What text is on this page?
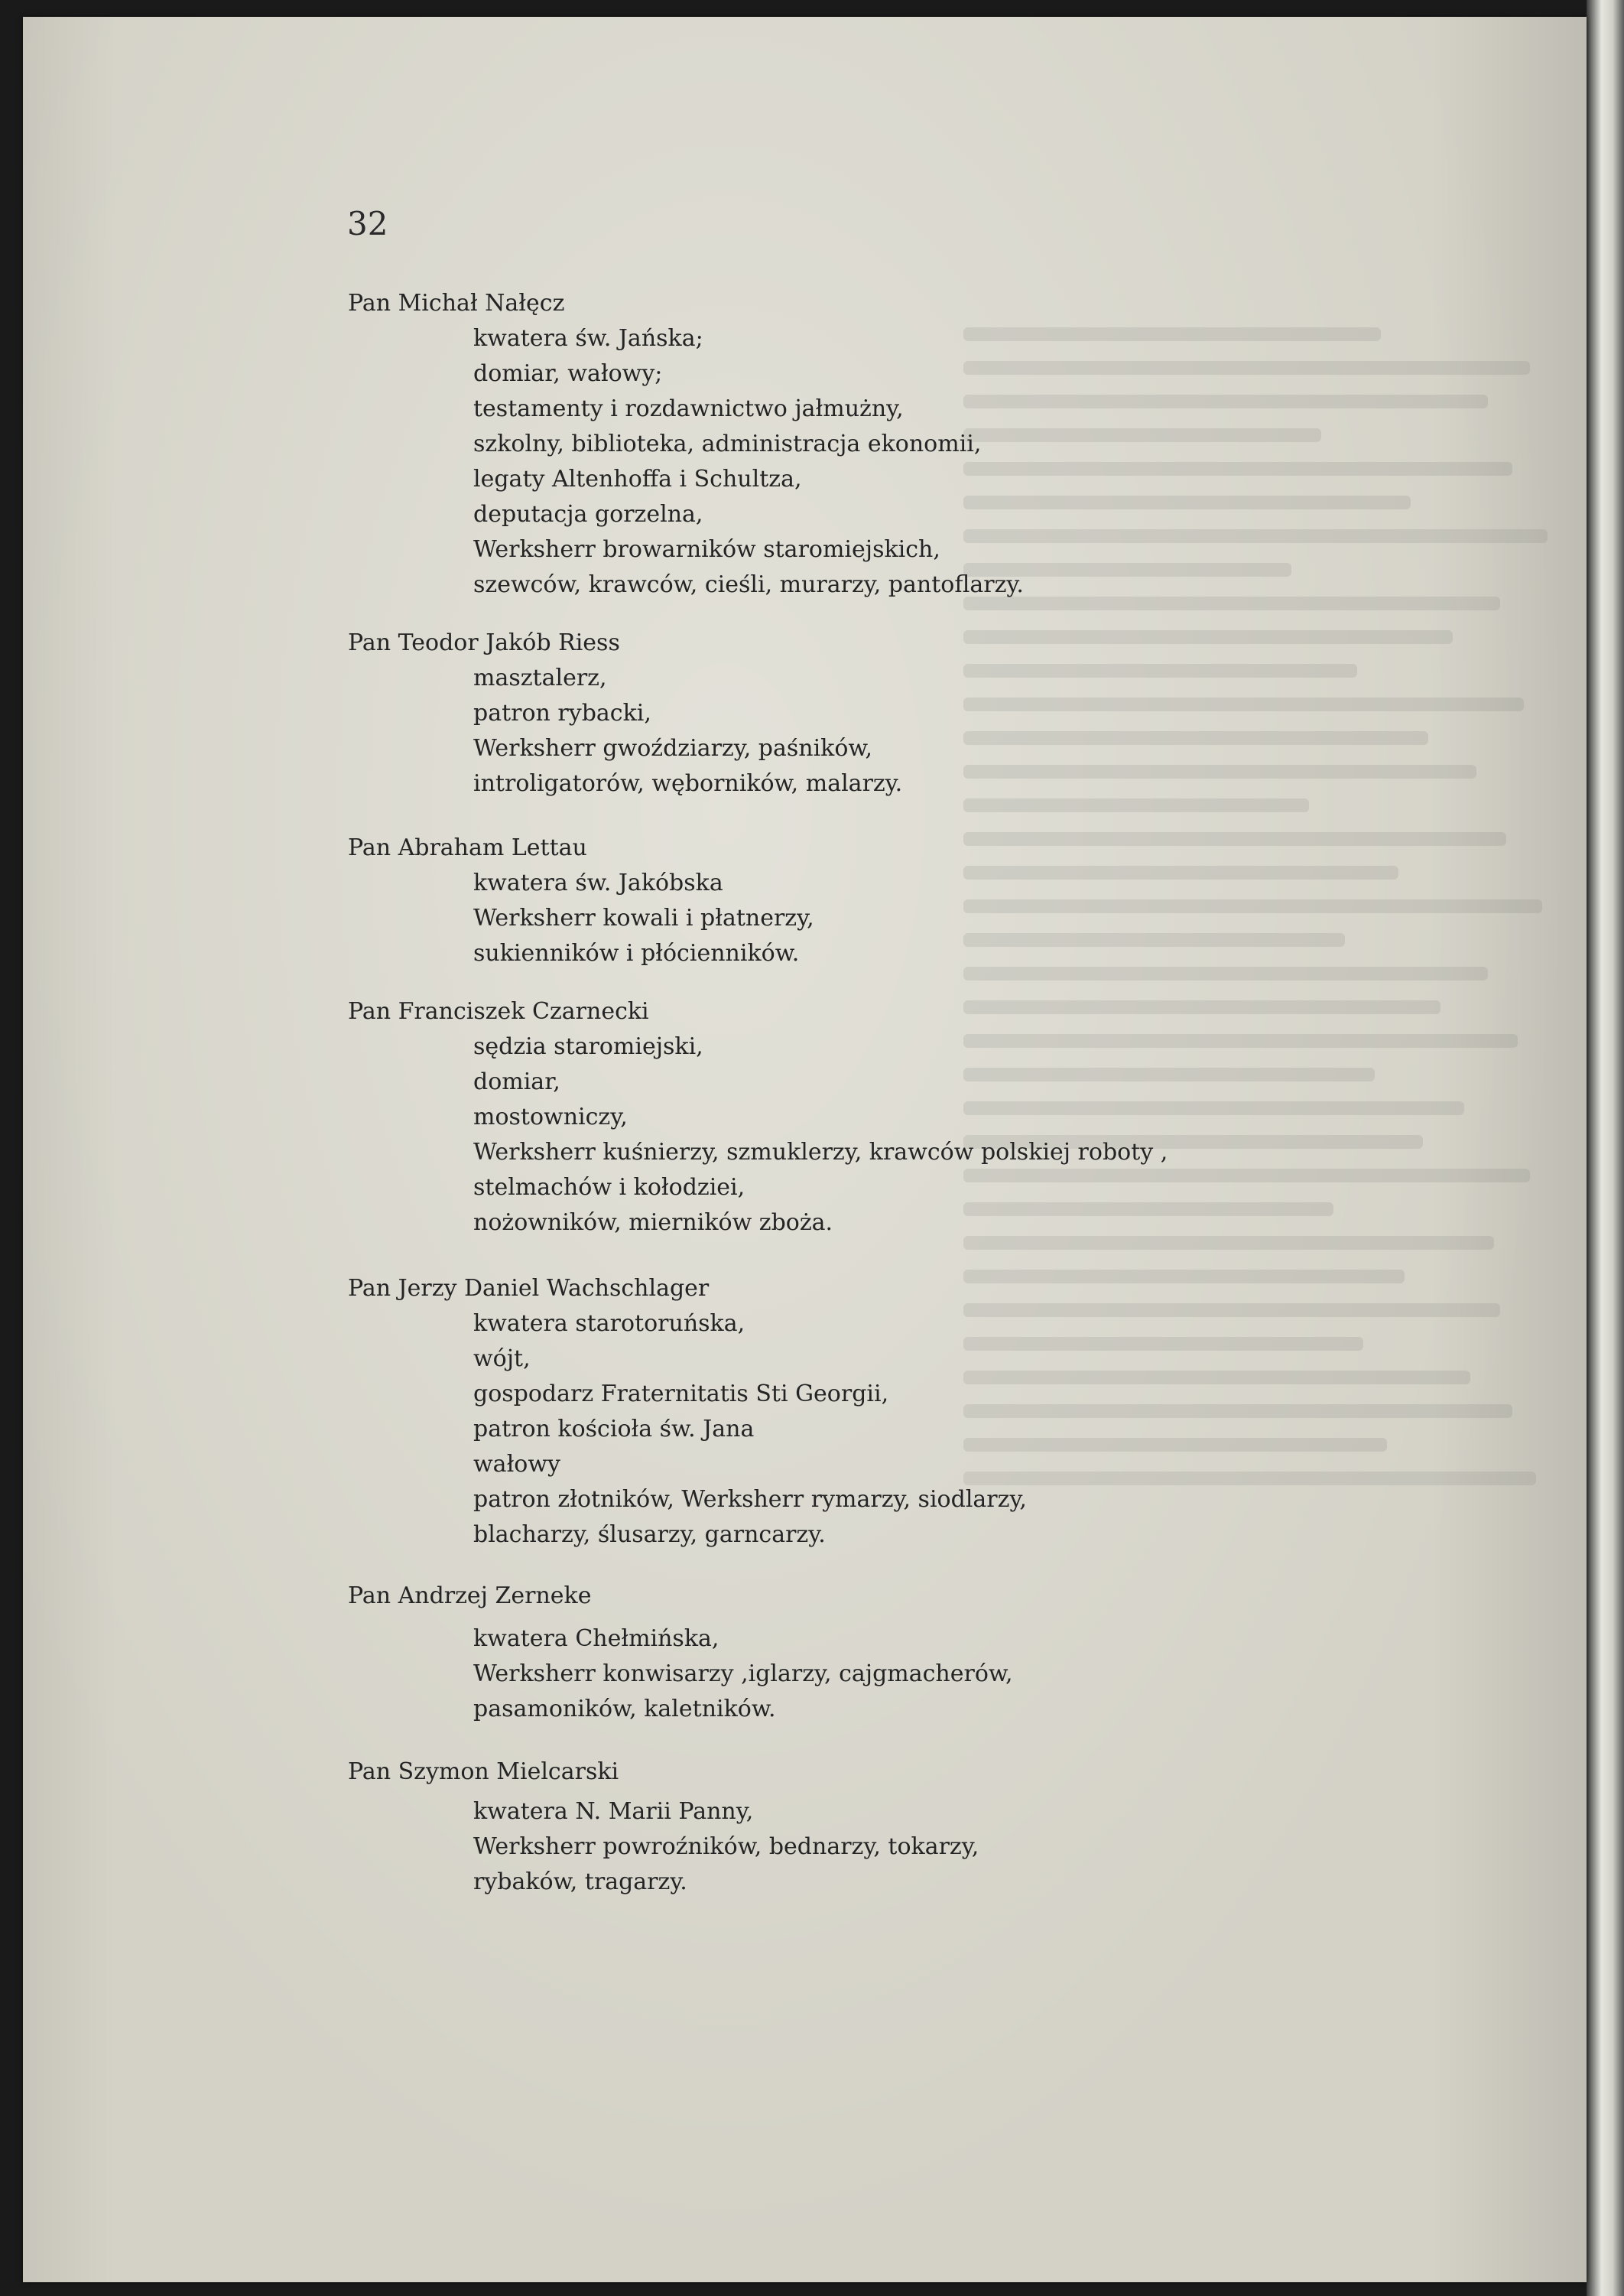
32
Pan Michał Nałęcz
kwatera św. Jańska;
domiar, wałowy;
testamenty i rozdawnictwo jałmużny,
szkolny, biblioteka, administracja ekonomii,
legaty Altenhoffa i Schultza,
deputacja gorzelna,
Werksherr browarników staromiejskich,
szewców, krawców, cieśli, murarzy, pantoflarzy.
Pan Teodor Jakób Riess
masztalerz,
patron rybacki,
Werksherr gwoździarzy, paśników,
introligatorów, węborników, malarzy.
Pan Abraham Lettau
kwatera św. Jakóbska
Werksherr kowali i płatnerzy,
sukienników i płócienników.
Pan Franciszek Czarnecki
sędzia staromiejski,
domiar,
mostowniczy,
Werksherr kuśnierzy, szmuklerzy, krawców polskiej roboty ,
stelmachów i kołodziei,
nożowników, mierników zboża.
Pan Jerzy Daniel Wachschlager
kwatera starotoruńska,
wójt,
gospodarz Fraternitatis Sti Georgii,
patron kościoła św. Jana
wałowy
patron złotników, Werksherr rymarzy, siodlarzy,
blacharzy, ślusarzy, garncarzy.
Pan Andrzej Zerneke
kwatera Chełmińska,
Werksherr konwisarzy ,iglarzy, cajgmacherów,
pasamoników, kaletników.
Pan Szymon Mielcarski
kwatera N. Marii Panny,
Werksherr powroźników, bednarzy, tokarzy,
rybaków, tragarzy.
